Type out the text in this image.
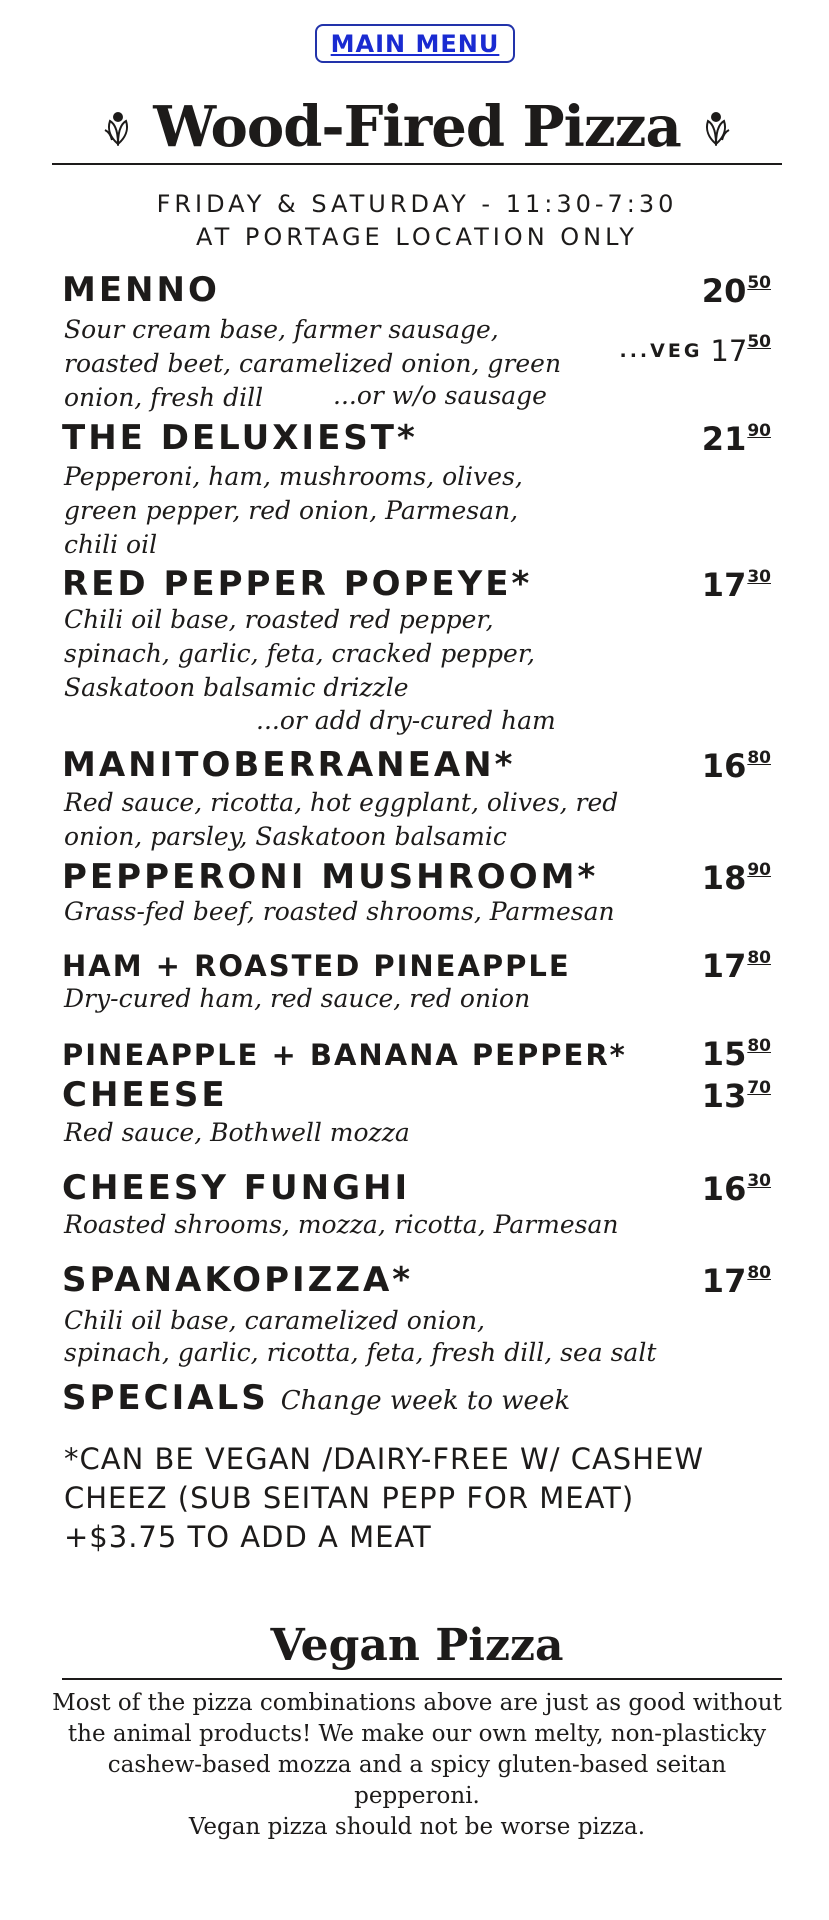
MAIN MENU
Wood-Fired Pizza
FRIDAY & SATURDAY - 11:30-7:30
AT PORTAGE LOCATION ONLY
MENNO	$20^{50}$
Sour cream base, farmer sausage,
roasted beet, caramelized onion, green
onion, fresh dill	...or w/o sausage
...VEG $17^{50}$
THE DELUXIEST*	$21^{90}$
Pepperoni, ham, mushrooms, olives,
green pepper, red onion, Parmesan,
chili oil
RED PEPPER POPEYE*	$17^{30}$
Chili oil base, roasted red pepper,
spinach, garlic, feta, cracked pepper,
Saskatoon balsamic drizzle
...or add dry-cured ham
MANITOBERRANEAN*	$16^{80}$
Red sauce, ricotta, hot eggplant, olives, red
onion, parsley, Saskatoon balsamic
PEPPERONI MUSHROOM*	$18^{90}$
Grass-fed beef, roasted shrooms, Parmesan
HAM + ROASTED PINEAPPLE	$17^{80}$
Dry-cured ham, red sauce, red onion
PINEAPPLE + BANANA PEPPER* $15^{80}$
CHEESE	$13^{70}$
Red sauce, Bothwell mozza
CHEESY FUNGHI	$16^{30}$
Roasted shrooms, mozza, ricotta, Parmesan
SPANAKOPIZZA*	$17^{80}$
Chili oil base, caramelized onion,
spinach, garlic, ricotta, feta, fresh dill, sea salt
SPECIALS Change week to week
*CAN BE VEGAN /DAIRY-FREE W/ CASHEW
CHEEZ (SUB SEITAN PEPP FOR MEAT)
+$3.75 TO ADD A MEAT
Vegan Pizza
Most of the pizza combinations above are just as good without
the animal products! We make our own melty, non-plasticky
cashew-based mozza and a spicy gluten-based seitan pepperoni.
Vegan pizza should not be worse pizza.
